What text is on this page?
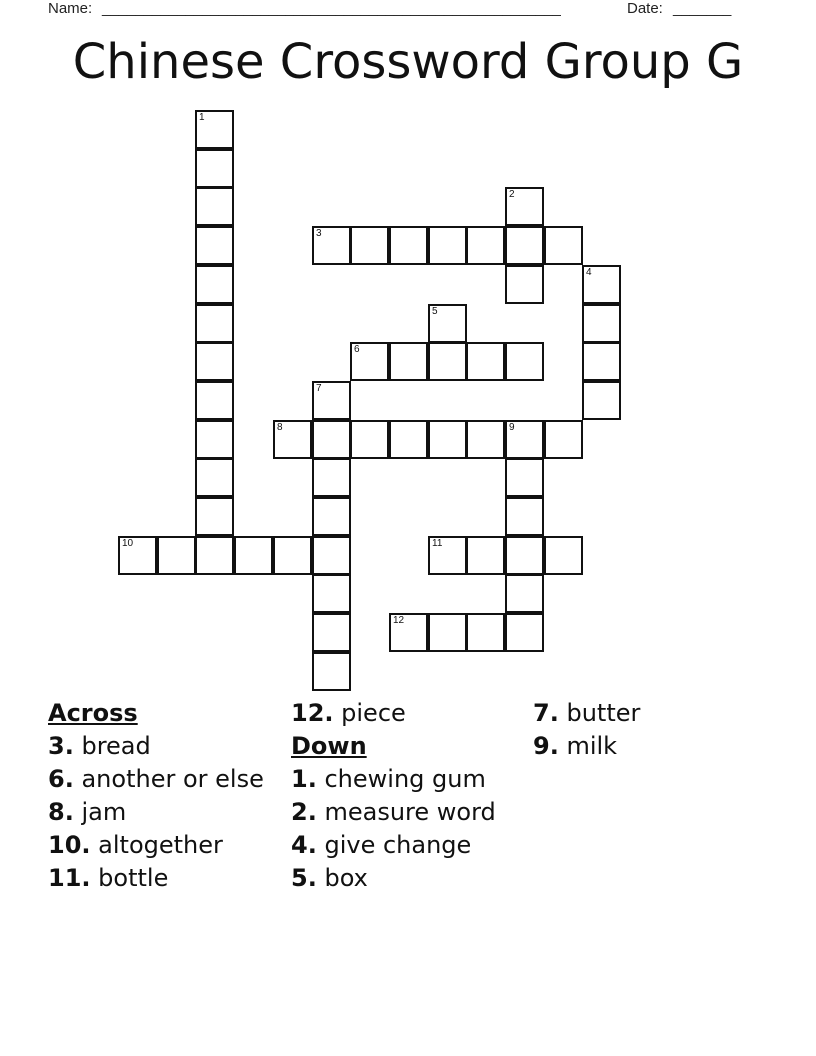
Name: _______________________________________________________	Date: _______
Chinese Crossword Group G
1
2
3
4
5
6
7
8	9
10	11
12
Across
3. bread
6. another or else
8. jam
10. altogether
11. bottle
12. piece
Down
1. chewing gum
2. measure word
4. give change
5. box
7. butter
9. milk
